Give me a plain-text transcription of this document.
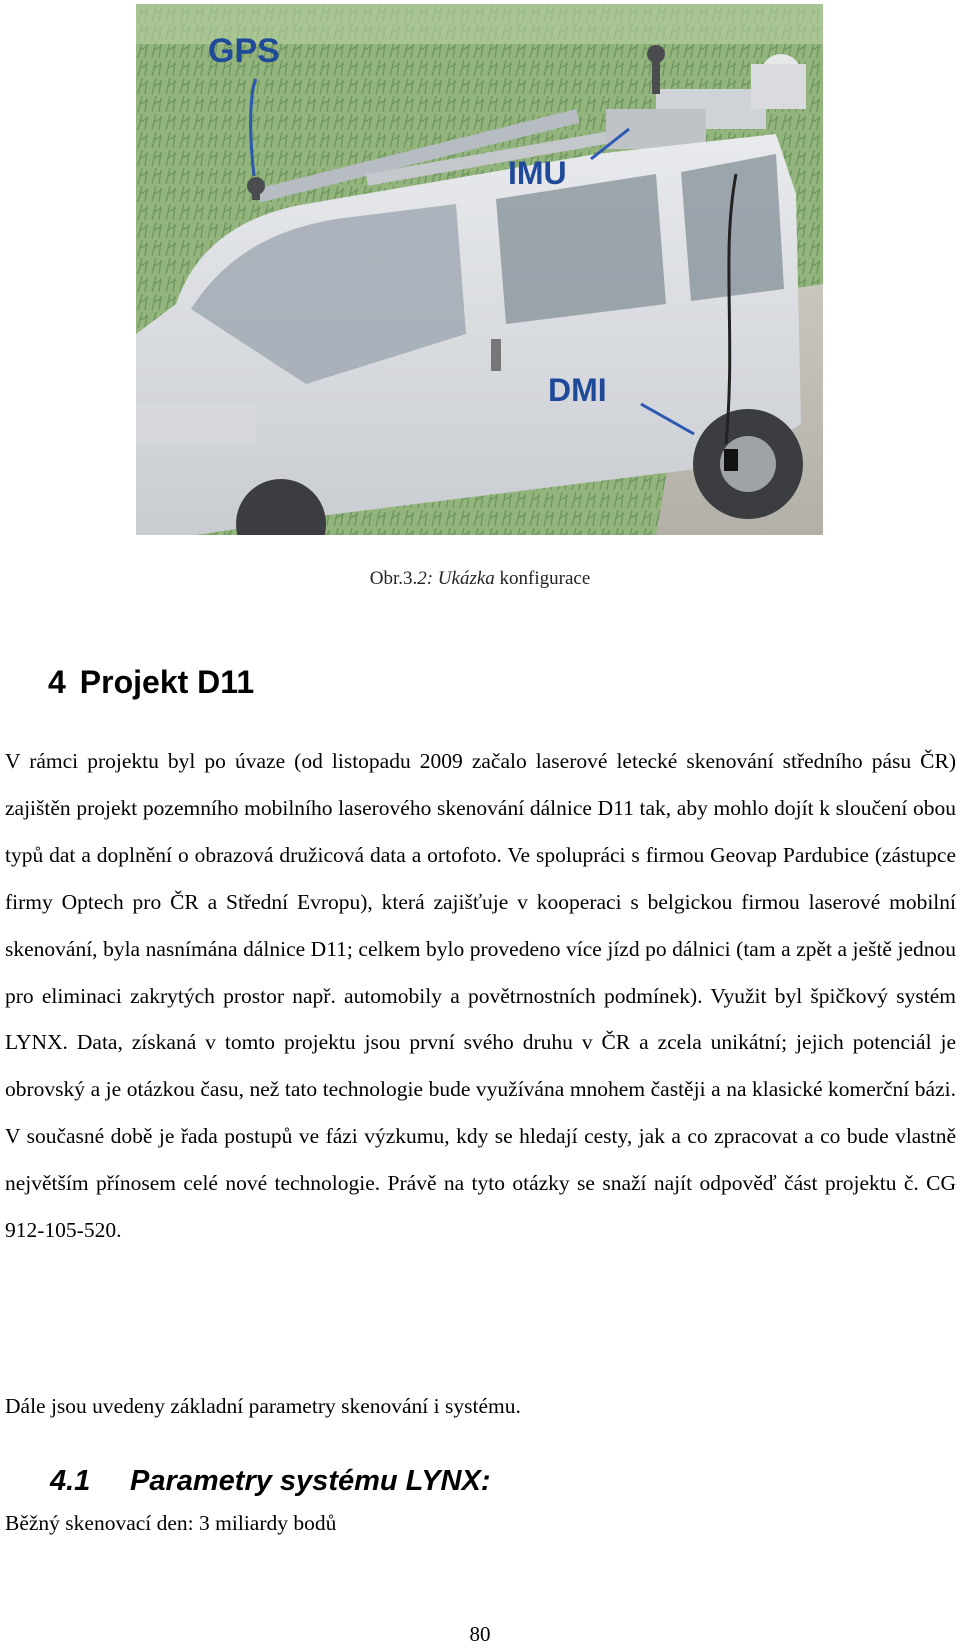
GPS
IMU
DMI
Obr.3.2: Ukázka konfigurace
4 Projekt D11

V rámci projektu byl po úvaze (od listopadu 2009 začalo laserové letecké skenování středního pásu ČR) zajištěn projekt pozemního mobilního laserového skenování dálnice D11 tak, aby mohlo dojít k sloučení obou typů dat a doplnění o obrazová družicová data a ortofoto. Ve spolupráci s firmou Geovap Pardubice (zástupce firmy Optech pro ČR a Střední Evropu), která zajišťuje v kooperaci s belgickou firmou laserové mobilní skenování, byla nasnímána dálnice D11; celkem bylo provedeno více jízd po dálnici (tam a zpět a ještě jednou pro eliminaci zakrytých prostor např. automobily a povětrnostních podmínek). Využit byl špičkový systém LYNX. Data, získaná v tomto projektu jsou první svého druhu v ČR a zcela unikátní; jejich potenciál je obrovský a je otázkou času, než tato technologie bude využívána mnohem častěji a na klasické komerční bázi. V současné době je řada postupů ve fázi výzkumu, kdy se hledají cesty, jak a co zpracovat a co bude vlastně největším přínosem celé nové technologie. Právě na tyto otázky se snaží najít odpověď část projektu č. CG 912-105-520.

Dále jsou uvedeny základní parametry skenování i systému.

4.1 Parametry systému LYNX:

Běžný skenovací den: 3 miliardy bodů

80
